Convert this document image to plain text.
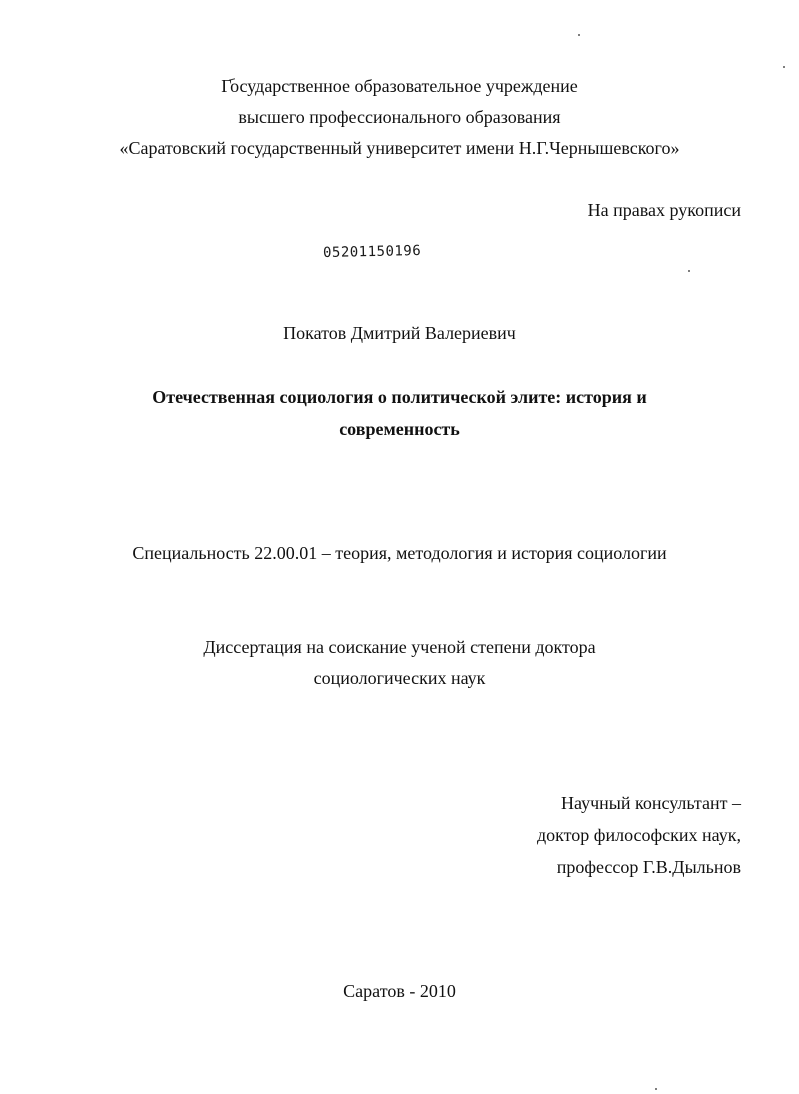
Государственное образовательное учреждение
высшего профессионального образования
«Саратовский государственный университет имени Н.Г.Чернышевского»
На правах рукописи
05201150196
Покатов Дмитрий Валериевич
Отечественная социология о политической элите: история и
современность
Специальность 22.00.01 – теория, методология и история социологии
Диссертация на соискание ученой степени доктора
социологических наук
Научный консультант –
доктор философских наук,
профессор Г.В.Дыльнов
Саратов - 2010
